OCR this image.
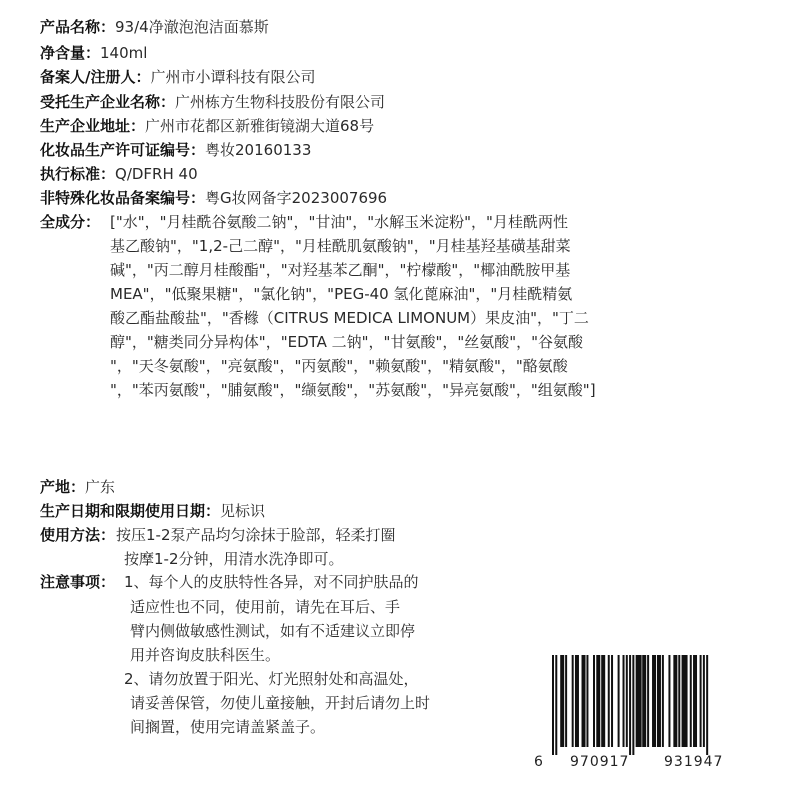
产品名称：93/4净澈泡泡洁面慕斯
净含量：140ml
备案人/注册人：广州市小谭科技有限公司
受托生产企业名称：广州栋方生物科技股份有限公司
生产企业地址：广州市花都区新雅街镜湖大道68号
化妆品生产许可证编号：粤妆20160133
执行标准：Q/DFRH 40
非特殊化妆品备案编号：粤G妆网备字2023007696
全成分： ["水"，"月桂酰谷氨酸二钠"，"甘油"，"水解玉米淀粉"，"月桂酰两性
基乙酸钠"，"1,2-己二醇"，"月桂酰肌氨酸钠"，"月桂基羟基磺基甜菜
碱"，"丙二醇月桂酸酯"，"对羟基苯乙酮"，"柠檬酸"，"椰油酰胺甲基
MEA"，"低聚果糖"，"氯化钠"，"PEG-40 氢化蓖麻油"，"月桂酰精氨
酸乙酯盐酸盐"，"香橼（CITRUS MEDICA LIMONUM）果皮油"，"丁二
醇"，"糖类同分异构体"，"EDTA 二钠"，"甘氨酸"，"丝氨酸"，"谷氨酸
"，"天冬氨酸"，"亮氨酸"，"丙氨酸"，"赖氨酸"，"精氨酸"，"酪氨酸
"，"苯丙氨酸"，"脯氨酸"，"缬氨酸"，"苏氨酸"，"异亮氨酸"，"组氨酸"]
产地：广东
生产日期和限期使用日期：见标识
使用方法： 按压1-2泵产品均匀涂抹于脸部，轻柔打圈
按摩1-2分钟，用清水洗净即可。
注意事项： 1、每个人的皮肤特性各异，对不同护肤品的
适应性也不同，使用前，请先在耳后、手
臂内侧做敏感性测试，如有不适建议立即停
用并咨询皮肤科医生。
2、请勿放置于阳光、灯光照射处和高温处，
请妥善保管，勿使儿童接触，开封后请勿上时
间搁置，使用完请盖紧盖子。
6 970917 931947
